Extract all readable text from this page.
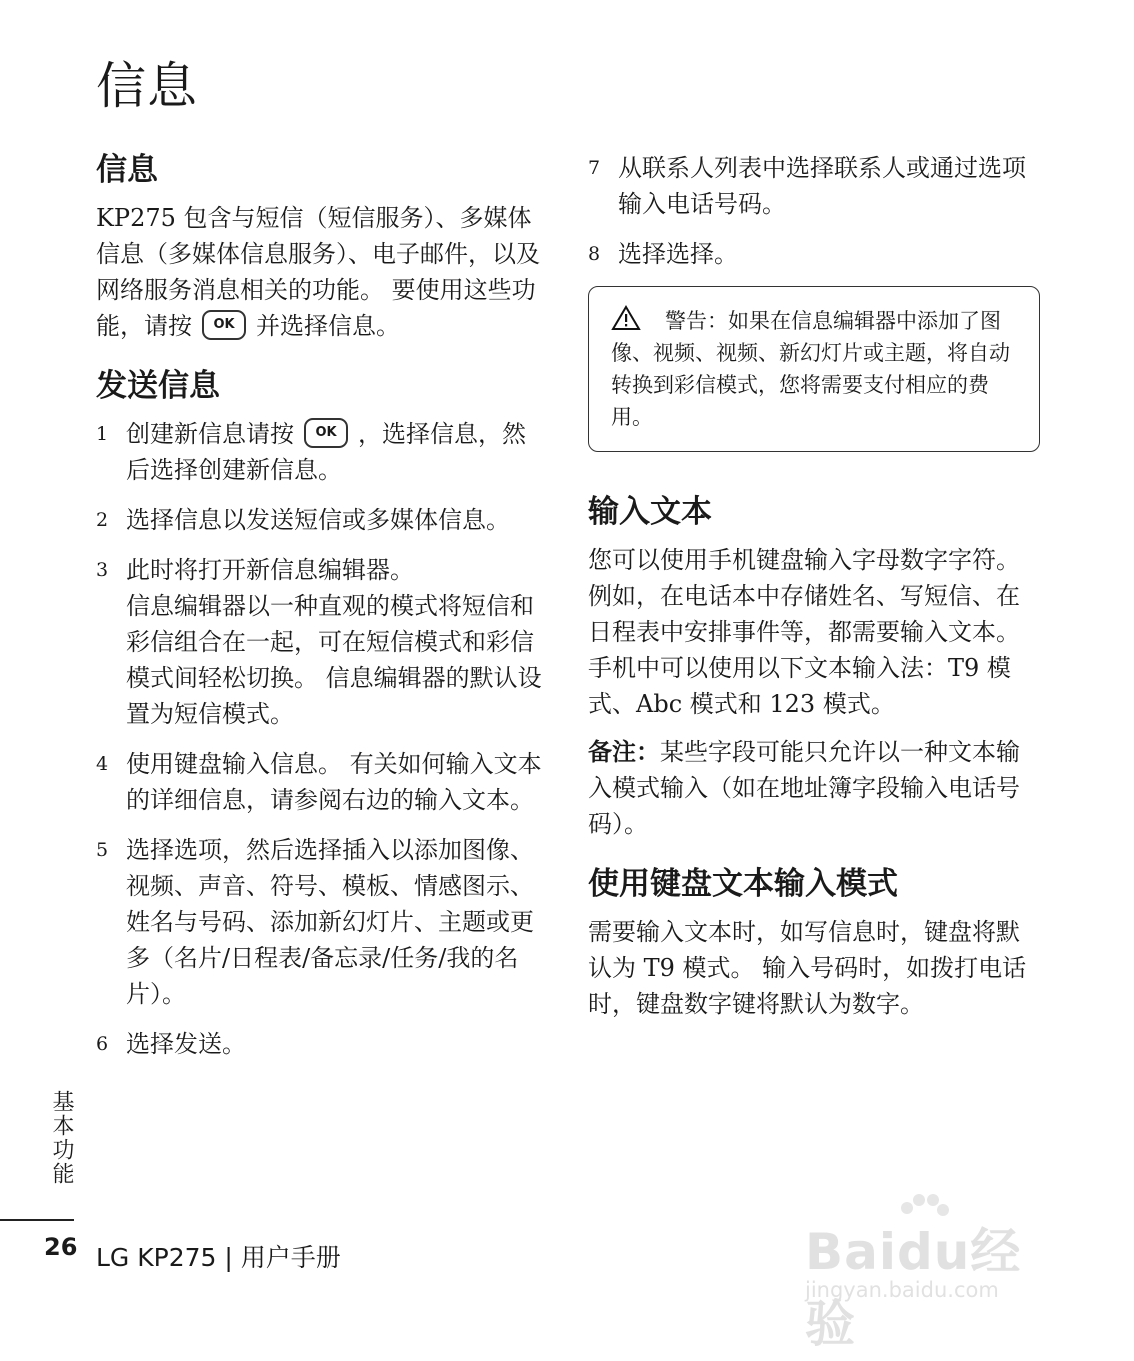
信息
信息

KP275 包含与短信（短信服务）、多媒体信息（多媒体信息服务）、电子邮件，以及网络服务消息相关的功能。 要使用这些功能，请按 OK 并选择信息。

发送信息
1 创建新信息请按 OK ，选择信息，然后选择创建新信息。
2 选择信息以发送短信或多媒体信息。
3 此时将打开新信息编辑器。
信息编辑器以一种直观的模式将短信和彩信组合在一起，可在短信模式和彩信模式间轻松切换。 信息编辑器的默认设置为短信模式。
4 使用键盘输入信息。 有关如何输入文本的详细信息，请参阅右边的输入文本。
5 选择选项，然后选择插入以添加图像、视频、声音、符号、模板、情感图示、姓名与号码、添加新幻灯片、主题或更多（名片/日程表/备忘录/任务/我的名片）。
6 选择发送。
7 从联系人列表中选择联系人或通过选项输入电话号码。
8 选择选择。
警告：如果在信息编辑器中添加了图像、视频、视频、新幻灯片或主题，将自动转换到彩信模式，您将需要支付相应的费用。
输入文本

您可以使用手机键盘输入字母数字字符。 例如，在电话本中存储姓名、写短信、在日程表中安排事件等，都需要输入文本。 手机中可以使用以下文本输入法：T9 模式、Abc 模式和 123 模式。

备注：某些字段可能只允许以一种文本输入模式输入（如在地址簿字段输入电话号码）。

使用键盘文本输入模式

需要输入文本时，如写信息时，键盘将默认为 T9 模式。 输入号码时，如拨打电话时，键盘数字键将默认为数字。

基本功能
26 LG KP275 | 用户手册	Baidu经验
jingyan.baidu.com
